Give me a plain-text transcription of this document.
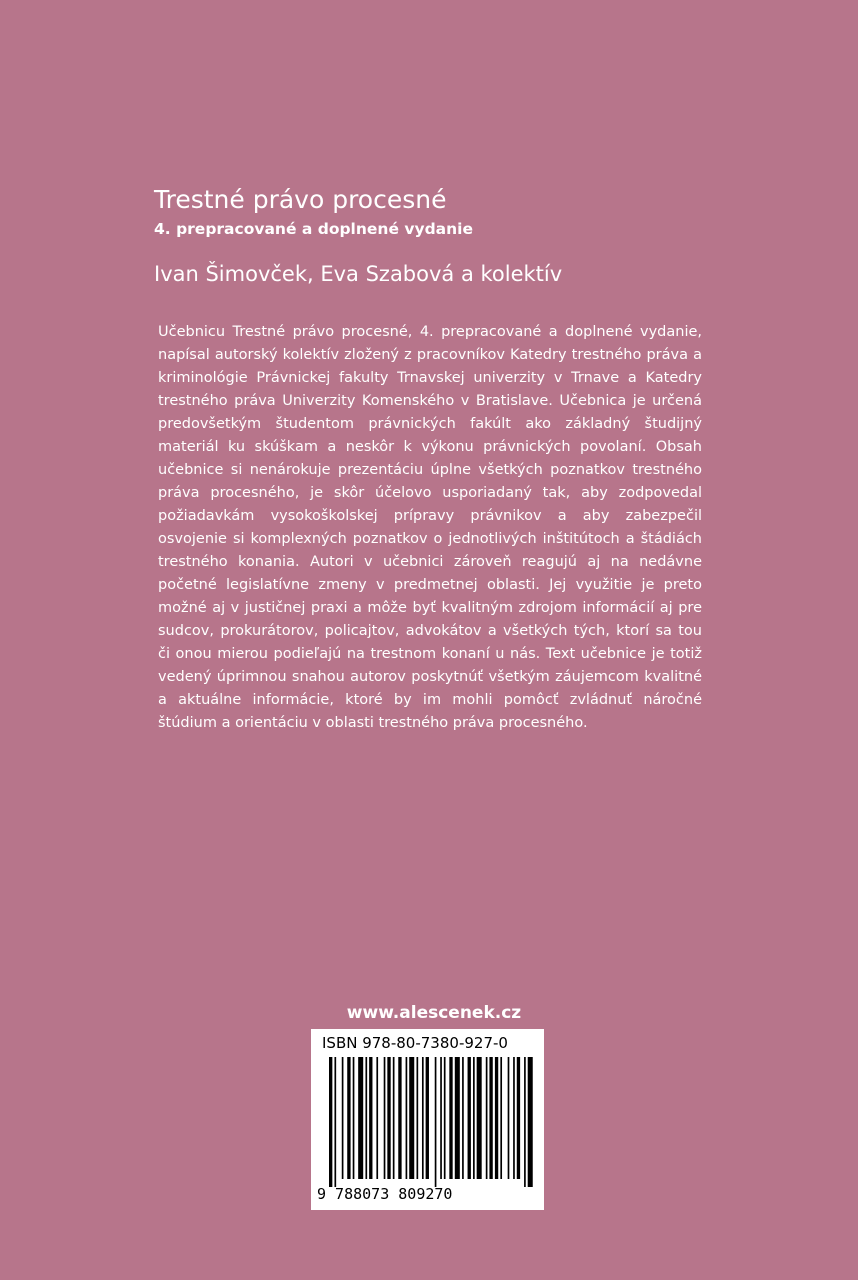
Trestné právo procesné
4. prepracované a doplnené vydanie
Ivan Šimovček, Eva Szabová a kolektív

Učebnicu Trestné právo procesné, 4. prepracované a doplnené vydanie, napísal autorský kolektív zložený z pracovníkov Katedry trestného práva a kriminológie Právnickej fakulty Trnavskej univerzity v Trnave a Katedry trestného práva Univerzity Komenského v Bratislave. Učebnica je určená predovšetkým študentom právnických fakúlt ako základný študijný materiál ku skúškam a neskôr k výkonu právnických povolaní. Obsah učebnice si nenárokuje prezentáciu úplne všetkých poznatkov trestného práva procesného, je skôr účelovo usporiadaný tak, aby zodpovedal požiadavkám vysokoškolskej prípravy právnikov a aby zabezpečil osvojenie si komplexných poznatkov o jednotlivých inštitútoch a štádiách trestného konania. Autori v učebnici zároveň reagujú aj na nedávne početné legislatívne zmeny v predmetnej oblasti. Jej využitie je preto možné aj v justičnej praxi a môže byť kvalitným zdrojom informácií aj pre sudcov, prokurátorov, policajtov, advokátov a všetkých tých, ktorí sa tou či onou mierou podieľajú na trestnom konaní u nás. Text učebnice je totiž vedený úprimnou snahou autorov poskytnúť všetkým záujemcom kvalitné a aktuálne informácie, ktoré by im mohli pomôcť zvládnuť náročné štúdium a orientáciu v oblasti trestného práva procesného.

www.alescenek.cz
ISBN 978-80-7380-927-0
9 788073 809270
